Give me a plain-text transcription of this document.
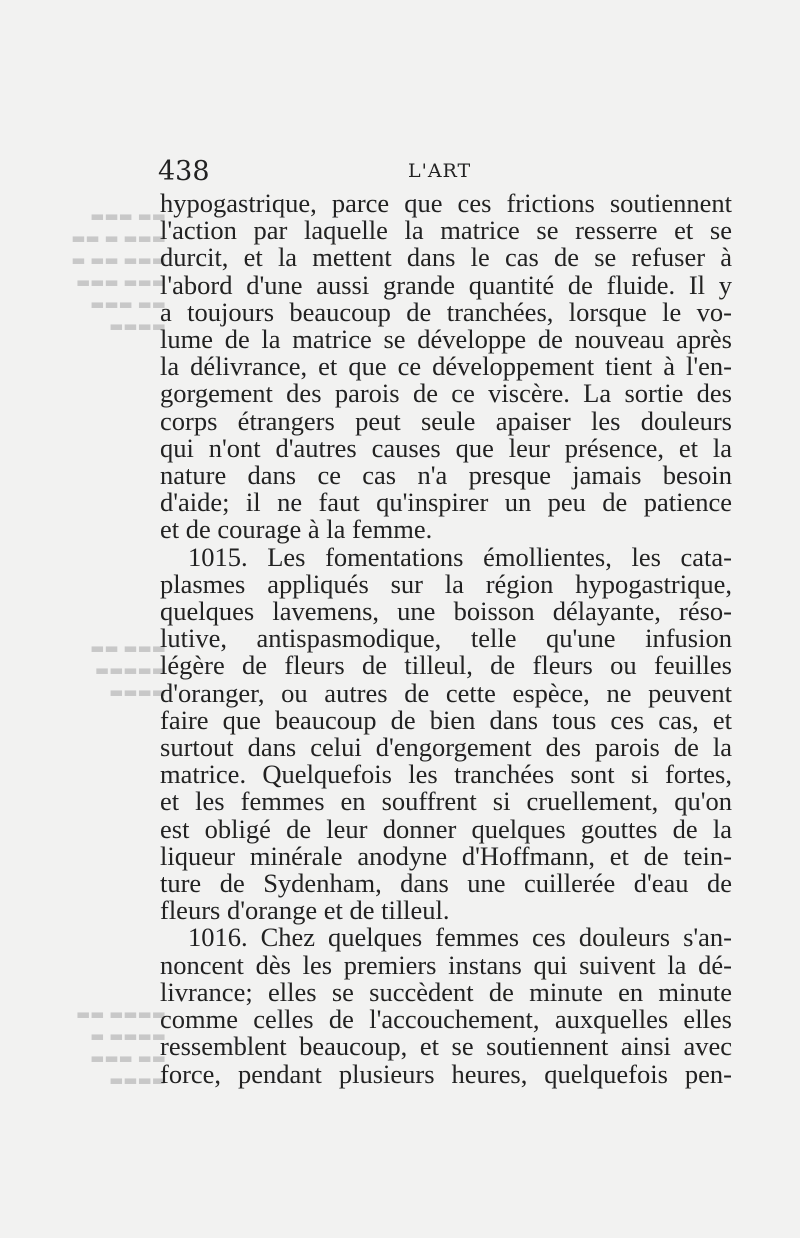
▬▬ ▬▬▬
▬▬▬ ▬ ▬▬
▬▬▬ ▬▬ ▬
▬▬▬ ▬▬▬
▬▬ ▬▬▬
▬▬▬▬
▬▬▬ ▬▬
▬▬▬▬▬
▬▬▬▬
▬▬▬▬ ▬▬
▬▬▬▬ ▬
▬▬ ▬▬▬
▬▬▬▬
438	L'ART
hypogastrique, parce que ces frictions soutiennent
l'action par laquelle la matrice se resserre et se
durcit, et la mettent dans le cas de se refuser à
l'abord d'une aussi grande quantité de fluide. Il y
a toujours beaucoup de tranchées, lorsque le vo-
lume de la matrice se développe de nouveau après
la délivrance, et que ce développement tient à l'en-
gorgement des parois de ce viscère. La sortie des
corps étrangers peut seule apaiser les douleurs
qui n'ont d'autres causes que leur présence, et la
nature dans ce cas n'a presque jamais besoin
d'aide; il ne faut qu'inspirer un peu de patience
et de courage à la femme.
1015. Les fomentations émollientes, les cata-
plasmes appliqués sur la région hypogastrique,
quelques lavemens, une boisson délayante, réso-
lutive, antispasmodique, telle qu'une infusion
légère de fleurs de tilleul, de fleurs ou feuilles
d'oranger, ou autres de cette espèce, ne peuvent
faire que beaucoup de bien dans tous ces cas, et
surtout dans celui d'engorgement des parois de la
matrice. Quelquefois les tranchées sont si fortes,
et les femmes en souffrent si cruellement, qu'on
est obligé de leur donner quelques gouttes de la
liqueur minérale anodyne d'Hoffmann, et de tein-
ture de Sydenham, dans une cuillerée d'eau de
fleurs d'orange et de tilleul.
1016. Chez quelques femmes ces douleurs s'an-
noncent dès les premiers instans qui suivent la dé-
livrance; elles se succèdent de minute en minute
comme celles de l'accouchement, auxquelles elles
ressemblent beaucoup, et se soutiennent ainsi avec
force, pendant plusieurs heures, quelquefois pen-
